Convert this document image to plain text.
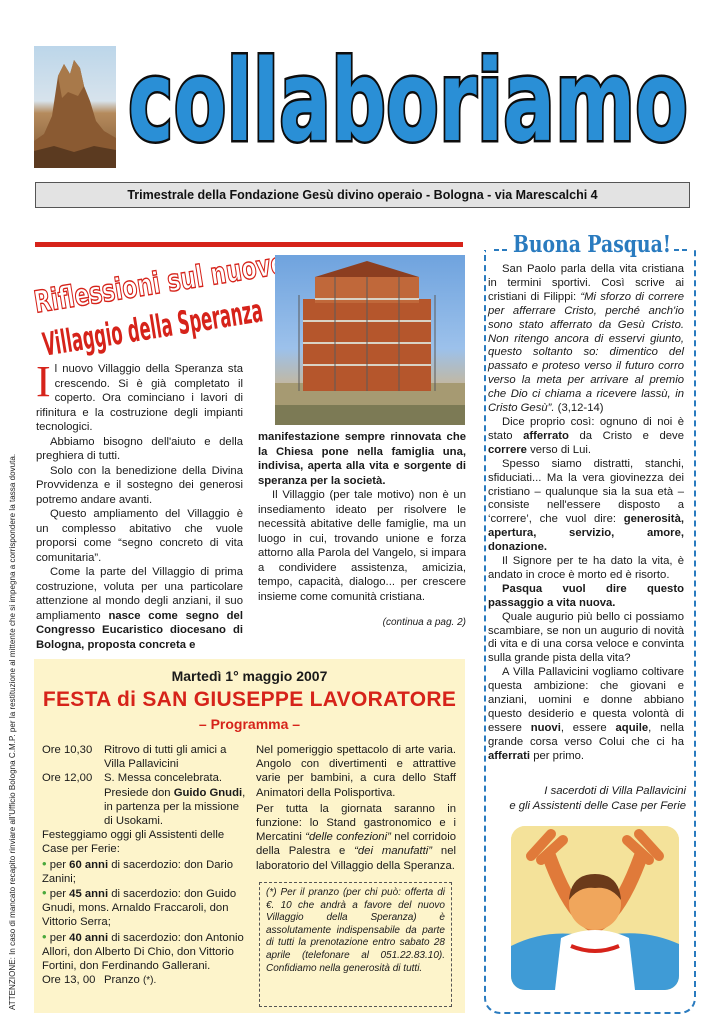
collaboriamo
Trimestrale della Fondazione Gesù divino operaio - Bologna - via Marescalchi 4
ATTENZIONE: In caso di mancato recapito rinviare all'Ufficio Bologna C.M.P. per la restituzione al mittente che si impegna a corrispondere la tassa dovuta.
Riflessioni sul
Villaggio della

Il nuovo Villaggio della Speranza sta crescendo. Si è già completato il coperto. Ora cominciano i lavori di rifinitura e la costruzione degli impianti tecnologici.

Abbiamo bisogno dell'aiuto e della preghiera di tutti.

Solo con la benedizione della Divina Provvidenza e il sostegno dei generosi potremo andare avanti.

Questo ampliamento del Villaggio è un complesso abitativo che vuole proporsi come “segno concreto di vita comunitaria”.

Come la parte del Villaggio di prima costruzione, voluta per una particolare attenzione al mondo degli anziani, il suo ampliamento nasce come segno del Congresso Eucaristico diocesano di Bologna, proposta concreta e

manifestazione sempre rinnovata che la Chiesa pone nella famiglia una, indivisa, aperta alla vita e sorgente di speranza per la società.

Il Villaggio (per tale motivo) non è un insediamento ideato per risolvere le necessità abitative delle famiglie, ma un luogo in cui, trovando unione e forza attorno alla Parola del Vangelo, si impara a condividere assistenza, amicizia, tempo, capacità, dialogo... per crescere insieme come comunità cristiana.

(continua a pag. 2)
Buona Pasqua!

San Paolo parla della vita cristiana in termini sportivi. Così scrive ai cristiani di Filippi: “Mi sforzo di correre per afferrare Cristo, perché anch'io sono stato afferrato da Gesù Cristo. Non ritengo ancora di esservi giunto, questo soltanto so: dimentico del passato e proteso verso il futuro corro verso la meta per arrivare al premio che Dio ci chiama a ricevere lassù, in Cristo Gesù”. (3,12-14)

Dice proprio così: ognuno di noi è stato afferrato da Cristo e deve correre verso di Lui.

Spesso siamo distratti, stanchi, sfiduciati... Ma la vera giovinezza dei cristiano – qualunque sia la sua età – consiste nell'essere disposto a ‘correre’, che vuol dire: generosità, apertura, servizio, amore, donazione.

Il Signore per te ha dato la vita, è andato in croce è morto ed è risorto.

Pasqua vuol dire questo passaggio a vita nuova.

Quale augurio più bello ci possiamo scambiare, se non un augurio di novità di vita e di una corsa veloce e convinta sulla grande pista della vita?

A Villa Pallavicini vogliamo coltivare questa ambizione: che giovani e anziani, uomini e donne abbiano questo desiderio e questa volontà di essere nuovi, essere aquile, nella grande corsa verso Colui che ci ha afferrati per primo.

I sacerdoti di Villa Pallavicini
e gli Assistenti delle Case per Ferie
Martedì 1° maggio 2007
FESTA di SAN GIUSEPPE LAVORATORE
– Programma –
Ore 10,30	Ritrovo di tutti gli amici a Villa Pallavicini
Ore 12,00	S. Messa concelebrata. Presiede don Guido Gnudi, in partenza per la missione di Usokami.
Festeggiamo oggi gli Assistenti delle Case per Ferie:
• per 60 anni di sacerdozio: don Dario Zanini;
• per 45 anni di sacerdozio: don Guido Gnudi, mons. Arnaldo Fraccaroli, don Vittorio Serra;
• per 40 anni di sacerdozio: don Antonio Allori, don Alberto Di Chio, don Vittorio Fortini, don Ferdinando Gallerani.
Ore 13, 00 Pranzo (*).

Nel pomeriggio spettacolo di arte varia. Angolo con divertimenti e attrattive varie per bambini, a cura dello Staff Animatori della Polisportiva.

Per tutta la giornata saranno in funzione: lo Stand gastronomico e i Mercatini “delle confezioni” nel corridoio della Palestra e “dei manufatti” nel laboratorio del Villaggio della Speranza.

(*) Per il pranzo (per chi può: offerta di €. 10 che andrà a favore del nuovo Villaggio della Speranza) è assolutamente indispensabile da parte di tutti la prenotazione entro sabato 28 aprile (telefonare al 051.22.83.10). Confidiamo nella generosità di tutti.
